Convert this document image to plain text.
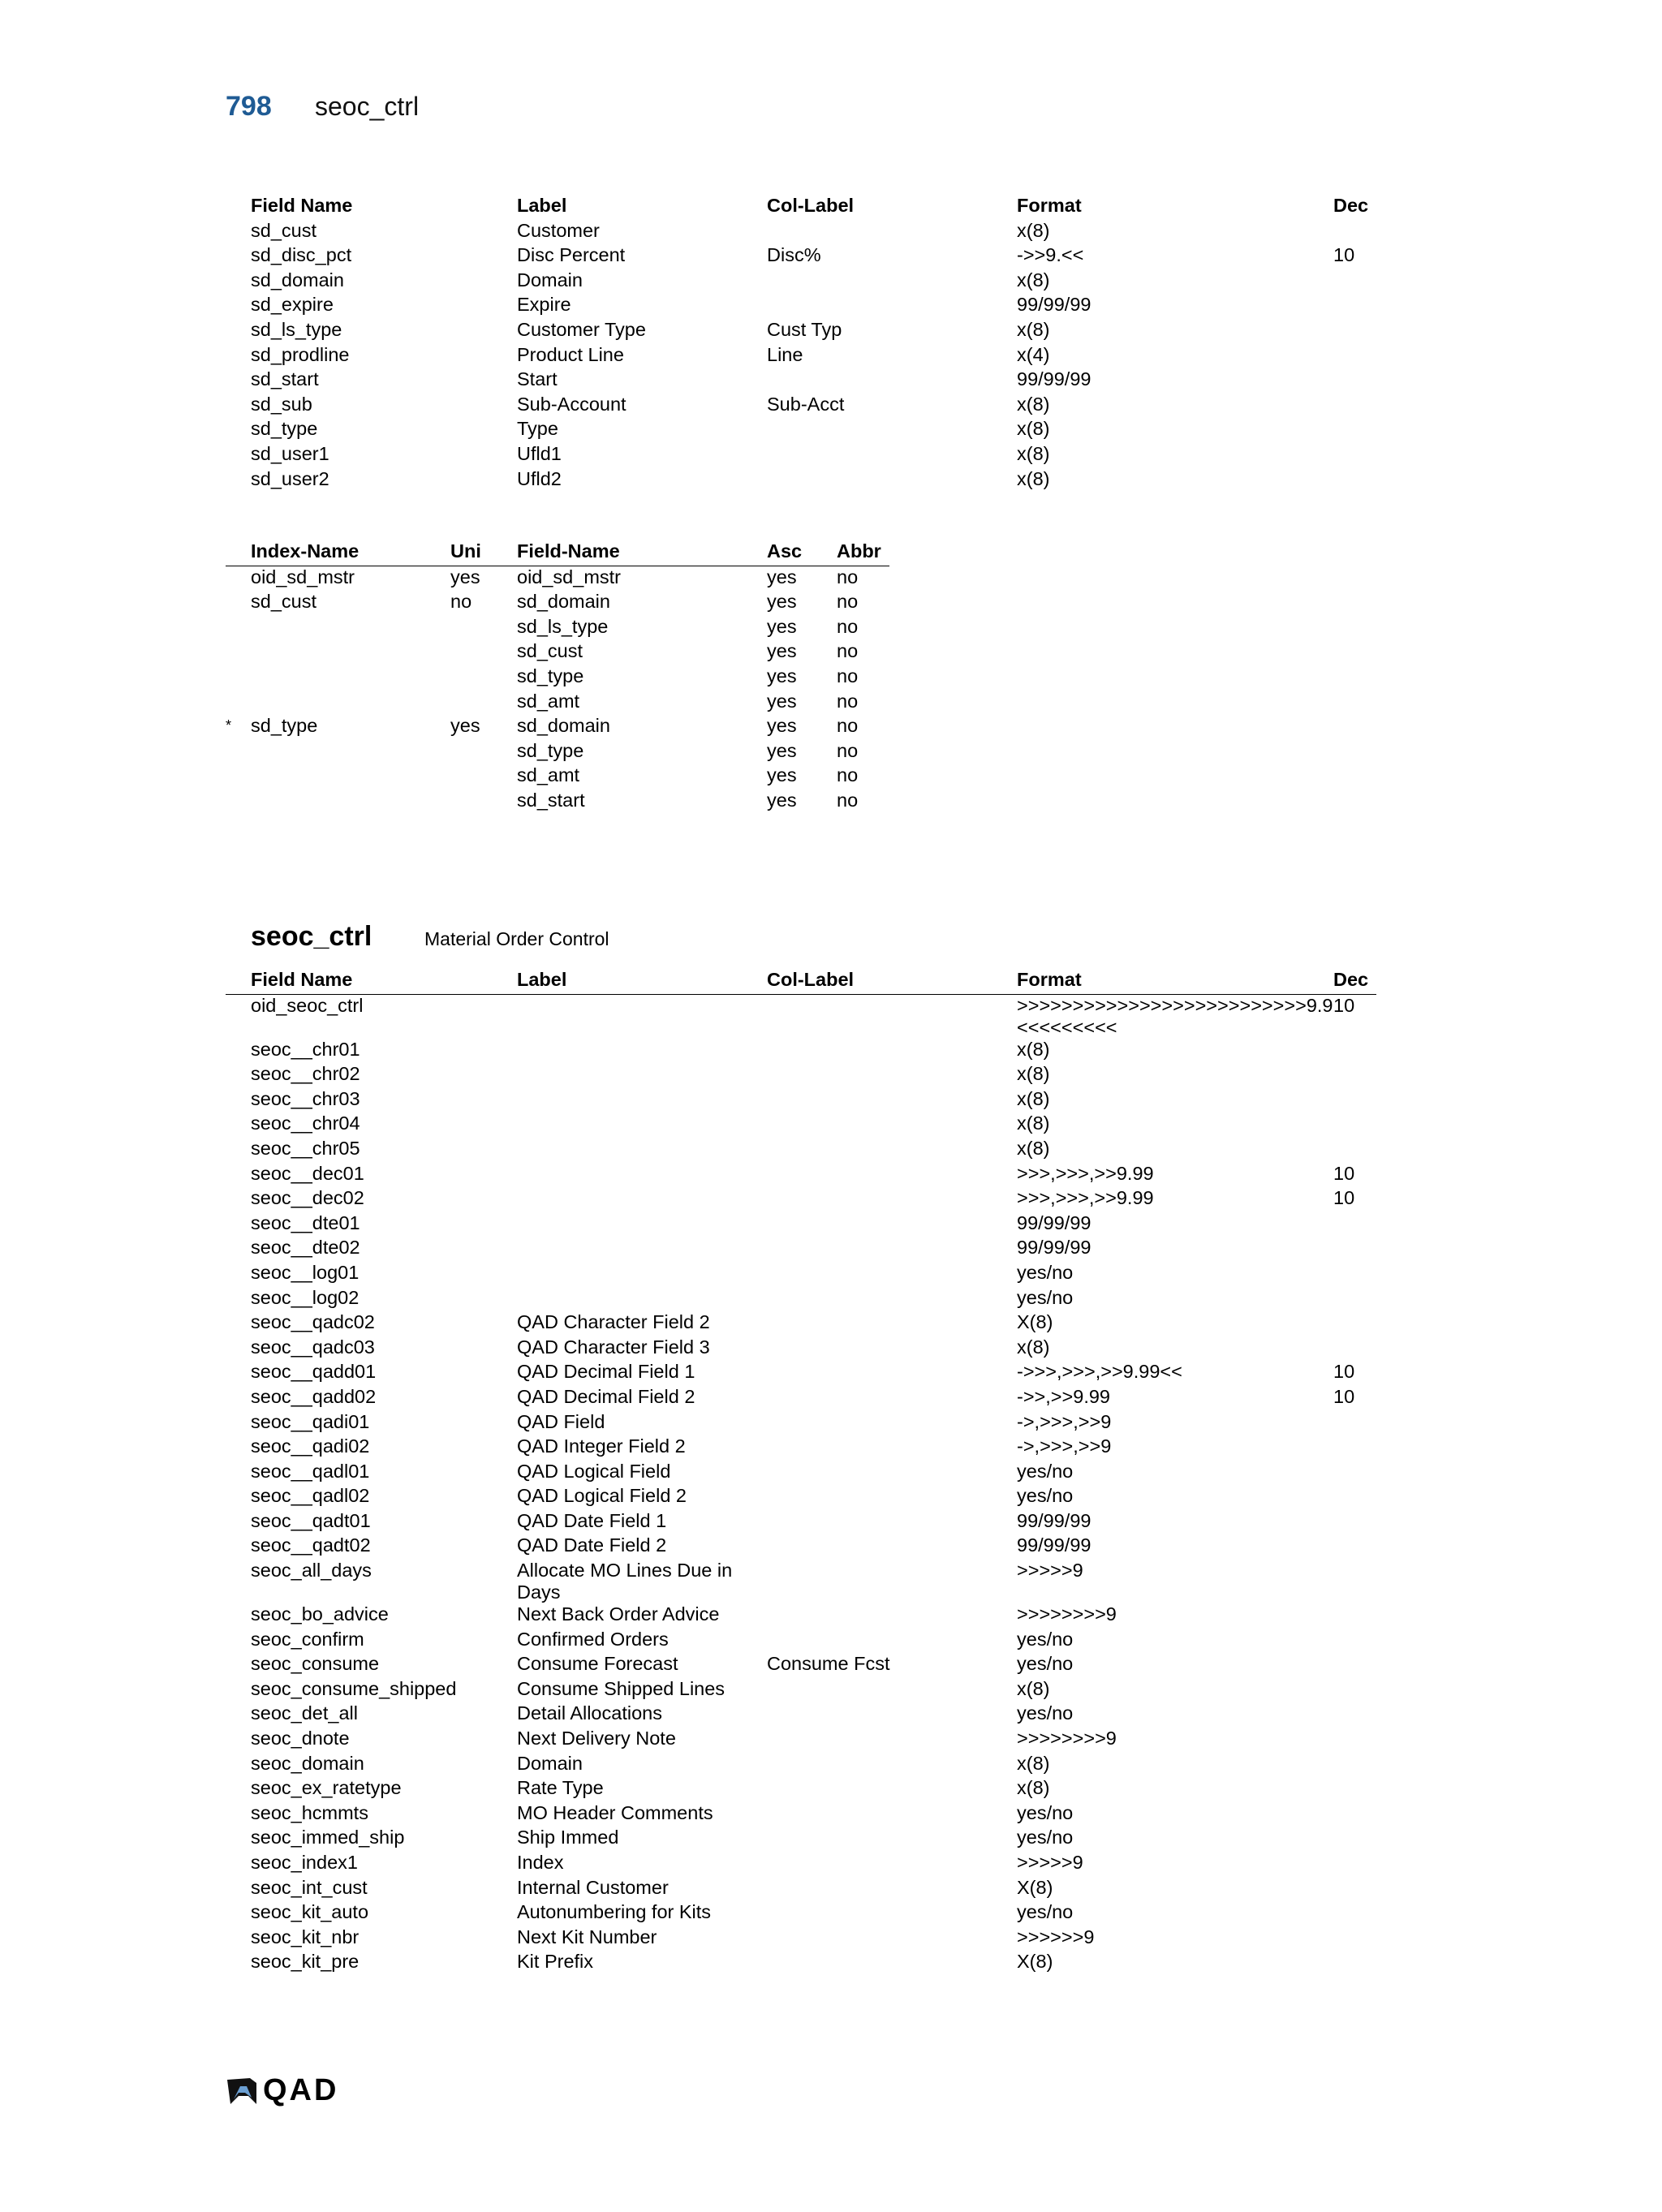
798	seoc_ctrl
	Field Name	Label	Col-Label	Format	Dec
	sd_cust	Customer		x(8)	
	sd_disc_pct	Disc Percent	Disc%	->>9.<<	10
	sd_domain	Domain		x(8)	
	sd_expire	Expire		99/99/99	
	sd_ls_type	Customer Type	Cust Typ	x(8)	
	sd_prodline	Product Line	Line	x(4)	
	sd_start	Start		99/99/99	
	sd_sub	Sub-Account	Sub-Acct	x(8)	
	sd_type	Type		x(8)	
	sd_user1	Ufld1		x(8)	
	sd_user2	Ufld2		x(8)	
	Index-Name	Uni	Field-Name	Asc	Abbr
	oid_sd_mstr	yes	oid_sd_mstr	yes	no
	sd_cust	no	sd_domain	yes	no
			sd_ls_type	yes	no
			sd_cust	yes	no
			sd_type	yes	no
			sd_amt	yes	no
*	sd_type	yes	sd_domain	yes	no
			sd_type	yes	no
			sd_amt	yes	no
			sd_start	yes	no
seoc_ctrl	Material Order Control
	Field Name	Label	Col-Label	Format	Dec
	oid_seoc_ctrl			>>>>>>>>>>>>>>>>>>>>>>>>>>9.9<<<<<<<<<	10
	seoc__chr01			x(8)	
	seoc__chr02			x(8)	
	seoc__chr03			x(8)	
	seoc__chr04			x(8)	
	seoc__chr05			x(8)	
	seoc__dec01			>>>,>>>,>>9.99	10
	seoc__dec02			>>>,>>>,>>9.99	10
	seoc__dte01			99/99/99	
	seoc__dte02			99/99/99	
	seoc__log01			yes/no	
	seoc__log02			yes/no	
	seoc__qadc02	QAD Character Field 2		X(8)	
	seoc__qadc03	QAD Character Field 3		x(8)	
	seoc__qadd01	QAD Decimal Field 1		->>>,>>>,>>9.99<<	10
	seoc__qadd02	QAD Decimal Field 2		->>,>>9.99	10
	seoc__qadi01	QAD Field		->,>>>,>>9	
	seoc__qadi02	QAD Integer Field 2		->,>>>,>>9	
	seoc__qadl01	QAD Logical Field		yes/no	
	seoc__qadl02	QAD Logical Field 2		yes/no	
	seoc__qadt01	QAD Date Field 1		99/99/99	
	seoc__qadt02	QAD Date Field 2		99/99/99	
	seoc_all_days	Allocate MO Lines Due in Days		>>>>>9	
	seoc_bo_advice	Next Back Order Advice		>>>>>>>>9	
	seoc_confirm	Confirmed Orders		yes/no	
	seoc_consume	Consume Forecast	Consume Fcst	yes/no	
	seoc_consume_shipped	Consume Shipped Lines		x(8)	
	seoc_det_all	Detail Allocations		yes/no	
	seoc_dnote	Next Delivery Note		>>>>>>>>9	
	seoc_domain	Domain		x(8)	
	seoc_ex_ratetype	Rate Type		x(8)	
	seoc_hcmmts	MO Header Comments		yes/no	
	seoc_immed_ship	Ship Immed		yes/no	
	seoc_index1	Index		>>>>>9	
	seoc_int_cust	Internal Customer		X(8)	
	seoc_kit_auto	Autonumbering for Kits		yes/no	
	seoc_kit_nbr	Next Kit Number		>>>>>>9	
	seoc_kit_pre	Kit Prefix		X(8)	
QAD
